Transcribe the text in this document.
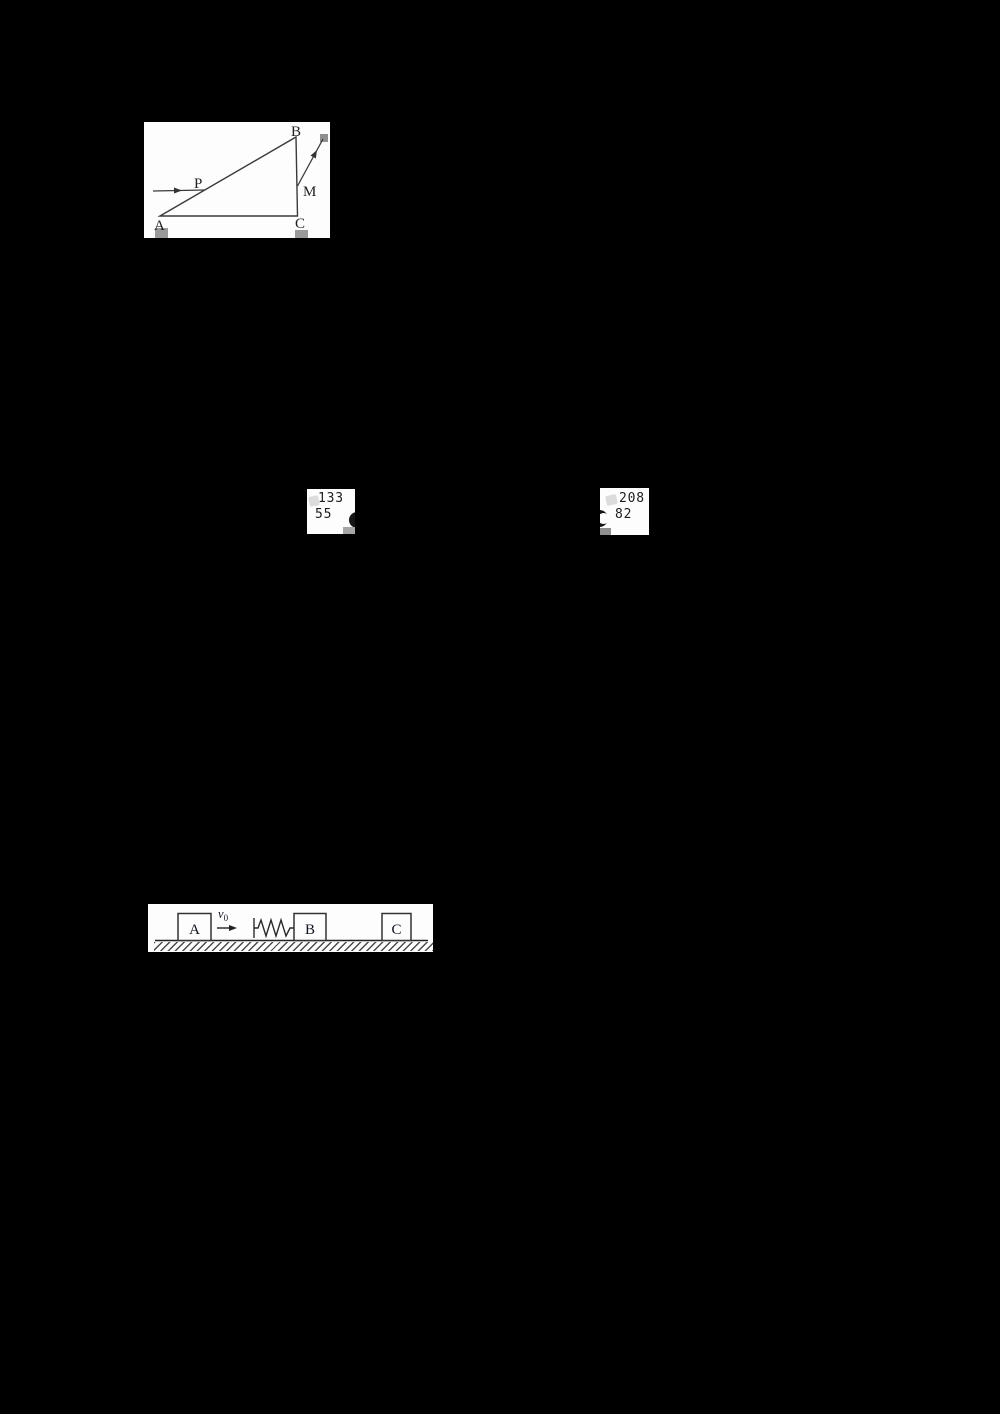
B
P	M
A	C
133
55
208
82
A	B	C
$v_0$
